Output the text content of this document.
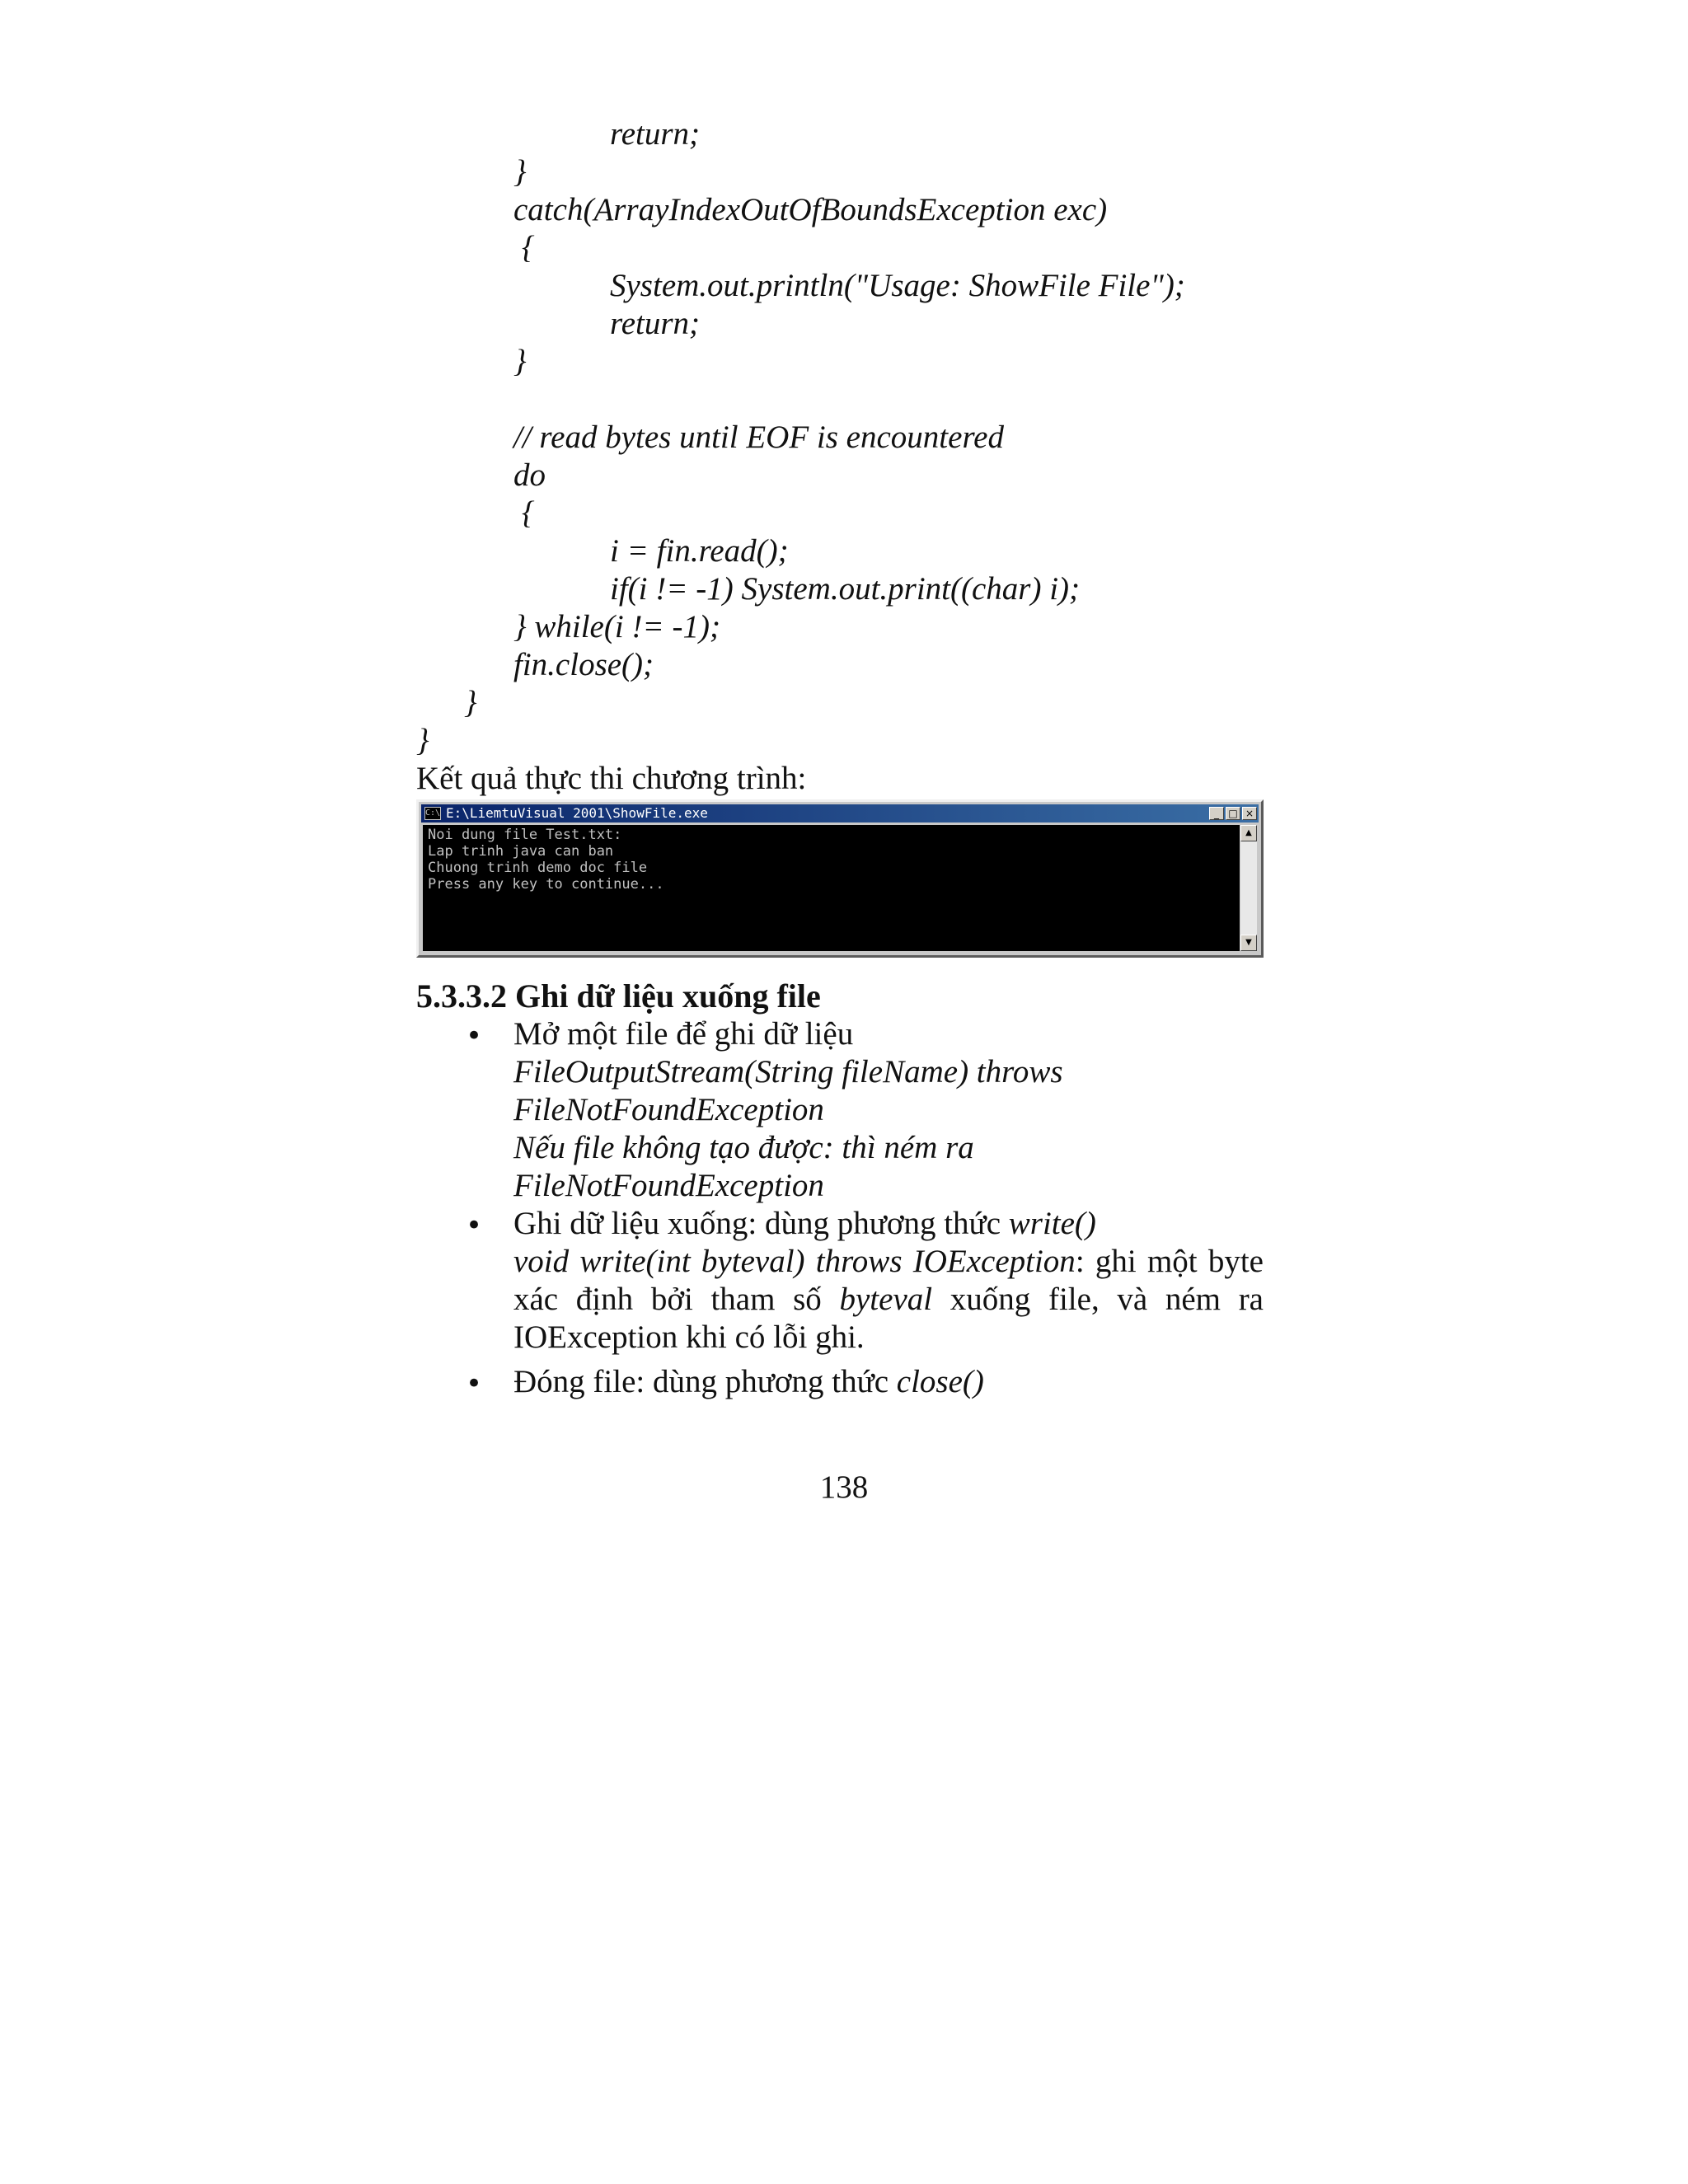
return;

}

catch(ArrayIndexOutOfBoundsException exc)

{

System.out.println("Usage: ShowFile File");

return;

}

// read bytes until EOF is encountered

do

{

i = fin.read();

if(i != -1) System.out.print((char) i);

} while(i != -1);

fin.close();

}

}

Kết quả thực thi chương trình:

C:\ E:\LiemtuVisual 2001\ShowFile.exe	_ □ ×
Noi dung file Test.txt:
Lap trinh java can ban
Chuong trinh demo doc file
Press any key to continue...
▲
▼

5.3.3.2 Ghi dữ liệu xuống file

• Mở một file để ghi dữ liệu

FileOutputStream(String fileName) throws

FileNotFoundException

Nếu file không tạo được: thì ném ra

FileNotFoundException

• Ghi dữ liệu xuống: dùng phương thức write()

void write(int byteval) throws IOException: ghi một byte xác định bởi tham số byteval xuống file, và ném ra

IOException khi có lỗi ghi.

• Đóng file: dùng phương thức close()

138
